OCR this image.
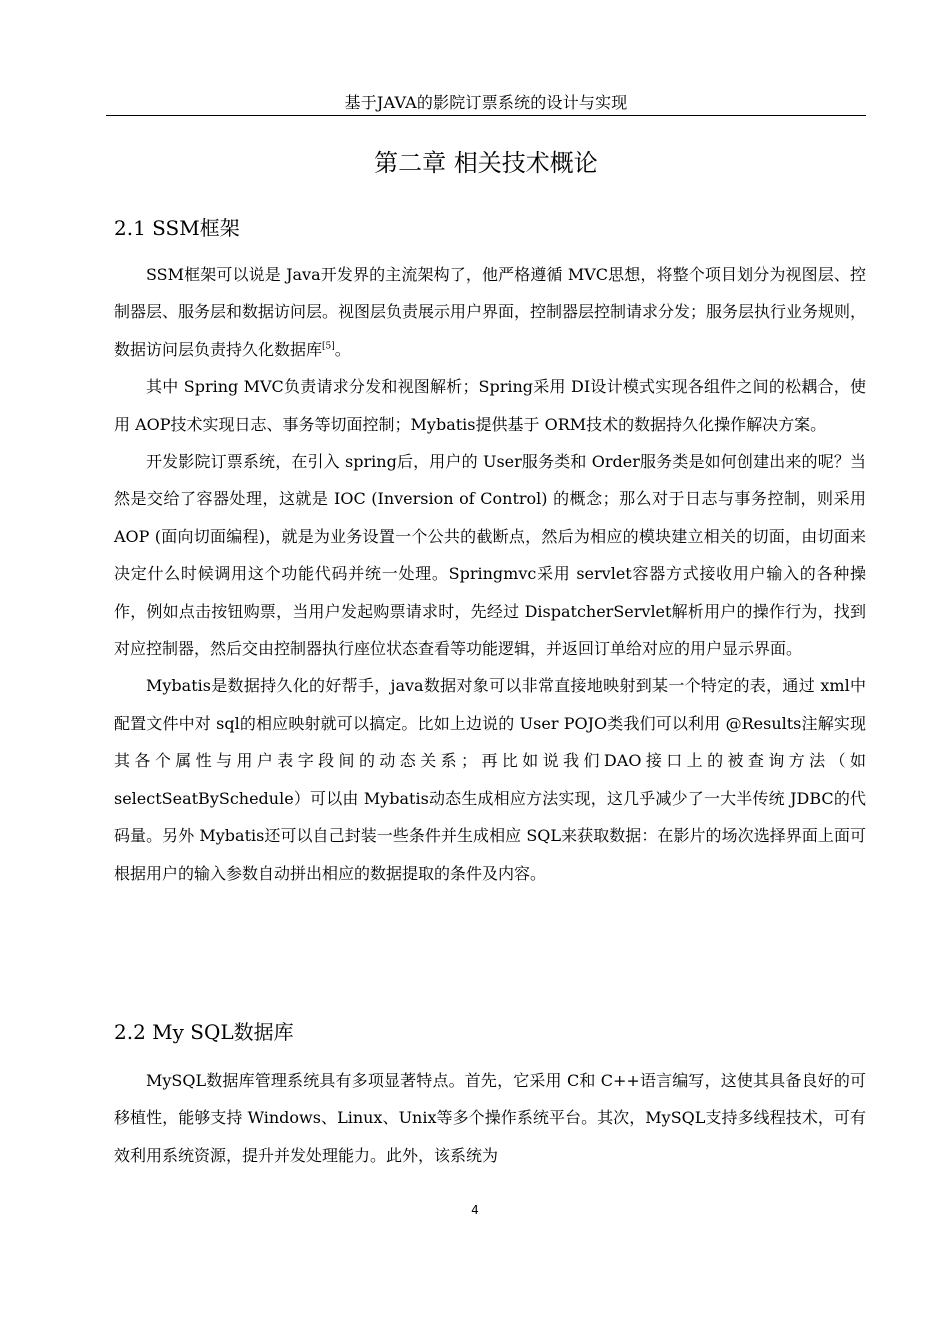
基于JAVA的影院订票系统的设计与实现
第二章 相关技术概论
2.1 SSM框架

SSM框架可以说是 Java开发界的主流架构了，他严格遵循 MVC思想，将整个项目划分为视图层、控制器层、服务层和数据访问层。视图层负责展示用户界面，控制器层控制请求分发；服务层执行业务规则，数据访问层负责持久化数据库[5]。

其中 Spring MVC负责请求分发和视图解析；Spring采用 DI设计模式实现各组件之间的松耦合，使用 AOP技术实现日志、事务等切面控制；Mybatis提供基于 ORM技术的数据持久化操作解决方案。

开发影院订票系统，在引入 spring后，用户的 User服务类和 Order服务类是如何创建出来的呢？当然是交给了容器处理，这就是 IOC (Inversion of Control) 的概念；那么对于日志与事务控制，则采用 AOP (面向切面编程)，就是为业务设置一个公共的截断点，然后为相应的模块建立相关的切面，由切面来决定什么时候调用这个功能代码并统一处理。Springmvc采用 servlet容器方式接收用户输入的各种操作，例如点击按钮购票，当用户发起购票请求时，先经过 DispatcherServlet解析用户的操作行为，找到对应控制器，然后交由控制器执行座位状态查看等功能逻辑，并返回订单给对应的用户显示界面。

Mybatis是数据持久化的好帮手，java数据对象可以非常直接地映射到某一个特定的表，通过 xml中配置文件中对 sql的相应映射就可以搞定。比如上边说的 User POJO类我们可以利用 @Results注解实现其各个属性与用户表字段间的动态关系；再比如说我们DAO接口上的被查询方法（如 selectSeatBySchedule）可以由 Mybatis动态生成相应方法实现，这几乎减少了一大半传统 JDBC的代码量。另外 Mybatis还可以自己封装一些条件并生成相应 SQL来获取数据：在影片的场次选择界面上面可根据用户的输入参数自动拼出相应的数据提取的条件及内容。

2.2 My SQL数据库

MySQL数据库管理系统具有多项显著特点。首先，它采用 C和 C++语言编写，这使其具备良好的可移植性，能够支持 Windows、Linux、Unix等多个操作系统平台。其次，MySQL支持多线程技术，可有效利用系统资源，提升并发处理能力。此外，该系统为

4
